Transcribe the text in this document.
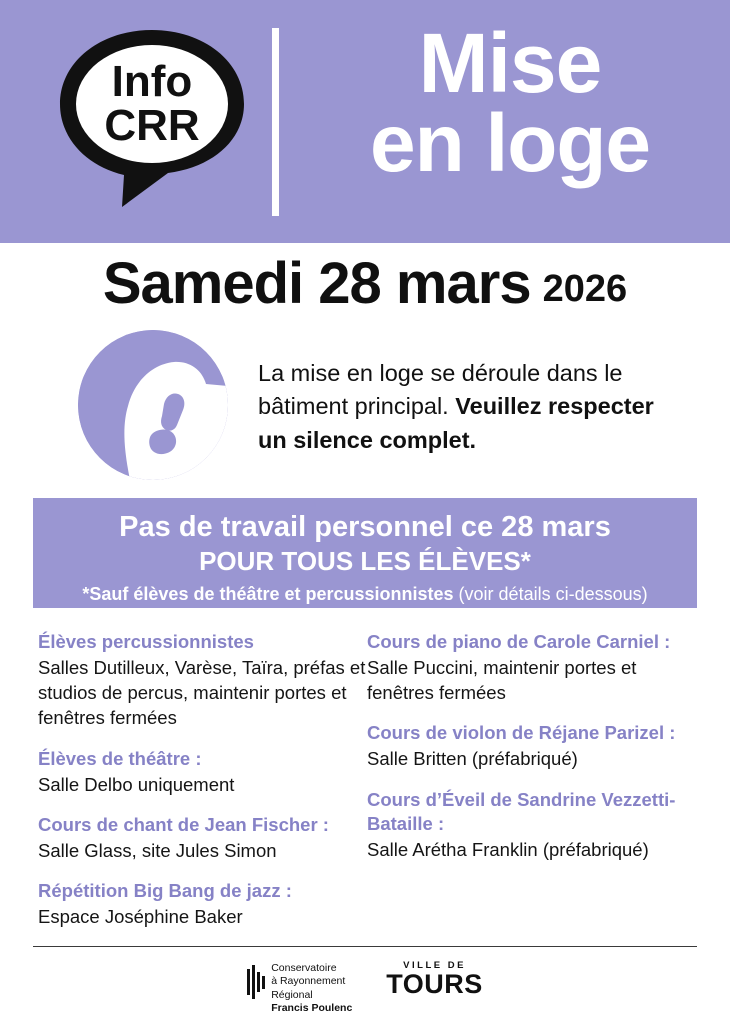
Info
CRR
Mise
en loge
Samedi 28 mars 2026
La mise en loge se déroule dans le bâtiment principal. Veuillez respecter un silence complet.
Pas de travail personnel ce 28 mars
POUR TOUS LES ÉLÈVES*
*Sauf élèves de théâtre et percussionnistes (voir détails ci-dessous)
Élèves percussionnistes
Salles Dutilleux, Varèse, Taïra, préfas et studios de percus, maintenir portes et fenêtres fermées
Élèves de théâtre :
Salle Delbo uniquement
Cours de chant de Jean Fischer :
Salle Glass, site Jules Simon
Répétition Big Bang de jazz :
Espace Joséphine Baker
Cours de piano de Carole Carniel :
Salle Puccini, maintenir portes et fenêtres fermées
Cours de violon de Réjane Parizel :
Salle Britten (préfabriqué)
Cours d’Éveil de Sandrine Vezzetti-Bataille :
Salle Arétha Franklin (préfabriqué)
Conservatoire
à Rayonnement
Régional
Francis Poulenc
VILLE DE
TOURS
